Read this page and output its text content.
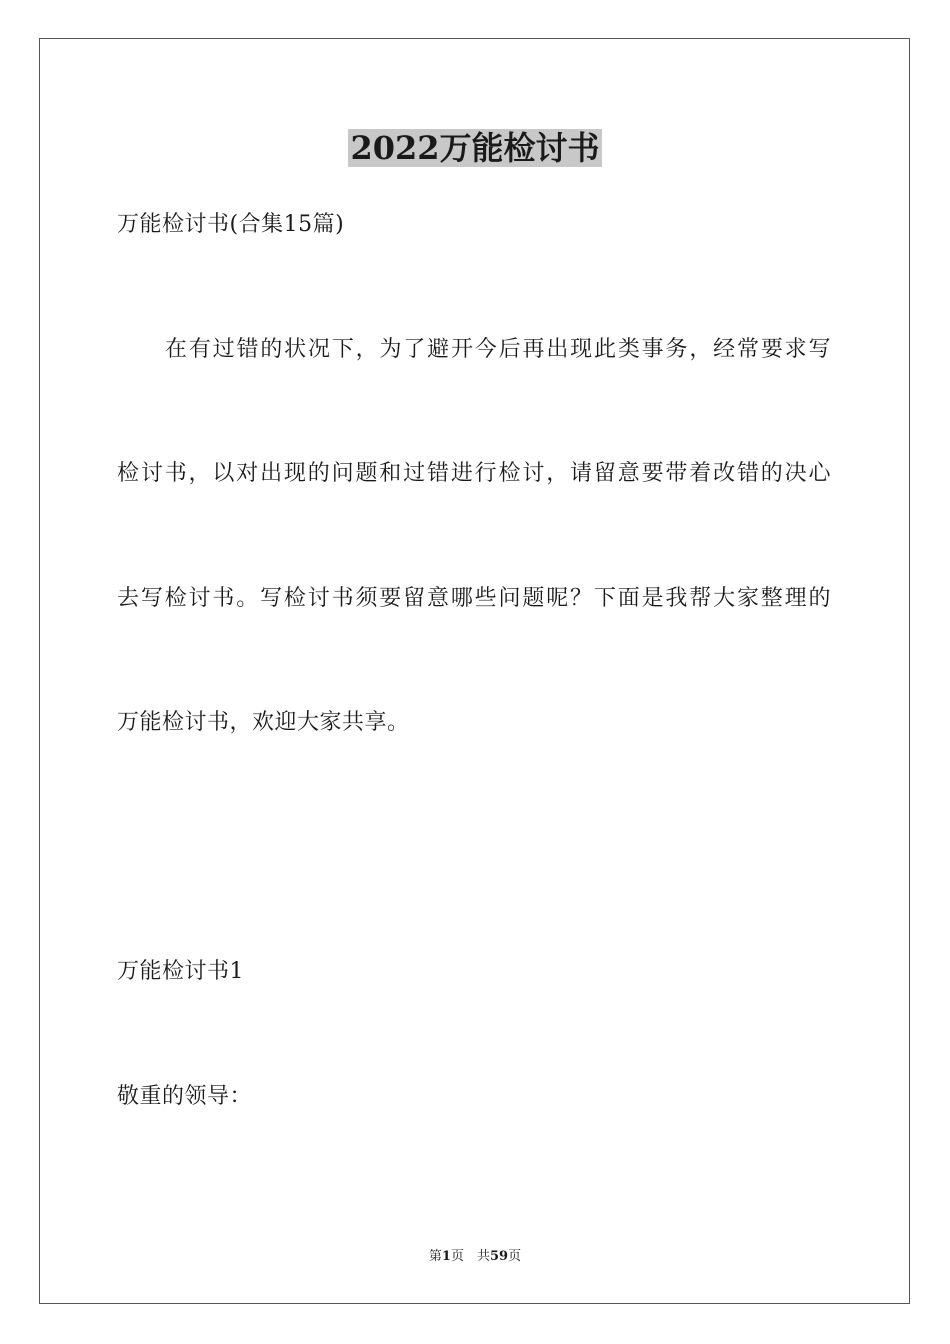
2022万能检讨书
万能检讨书(合集15篇)
在有过错的状况下，为了避开今后再出现此类事务，经常要求写
检讨书，以对出现的问题和过错进行检讨，请留意要带着改错的决心
去写检讨书。写检讨书须要留意哪些问题呢？下面是我帮大家整理的
万能检讨书，欢迎大家共享。
万能检讨书1
敬重的领导：
第1页　共59页
